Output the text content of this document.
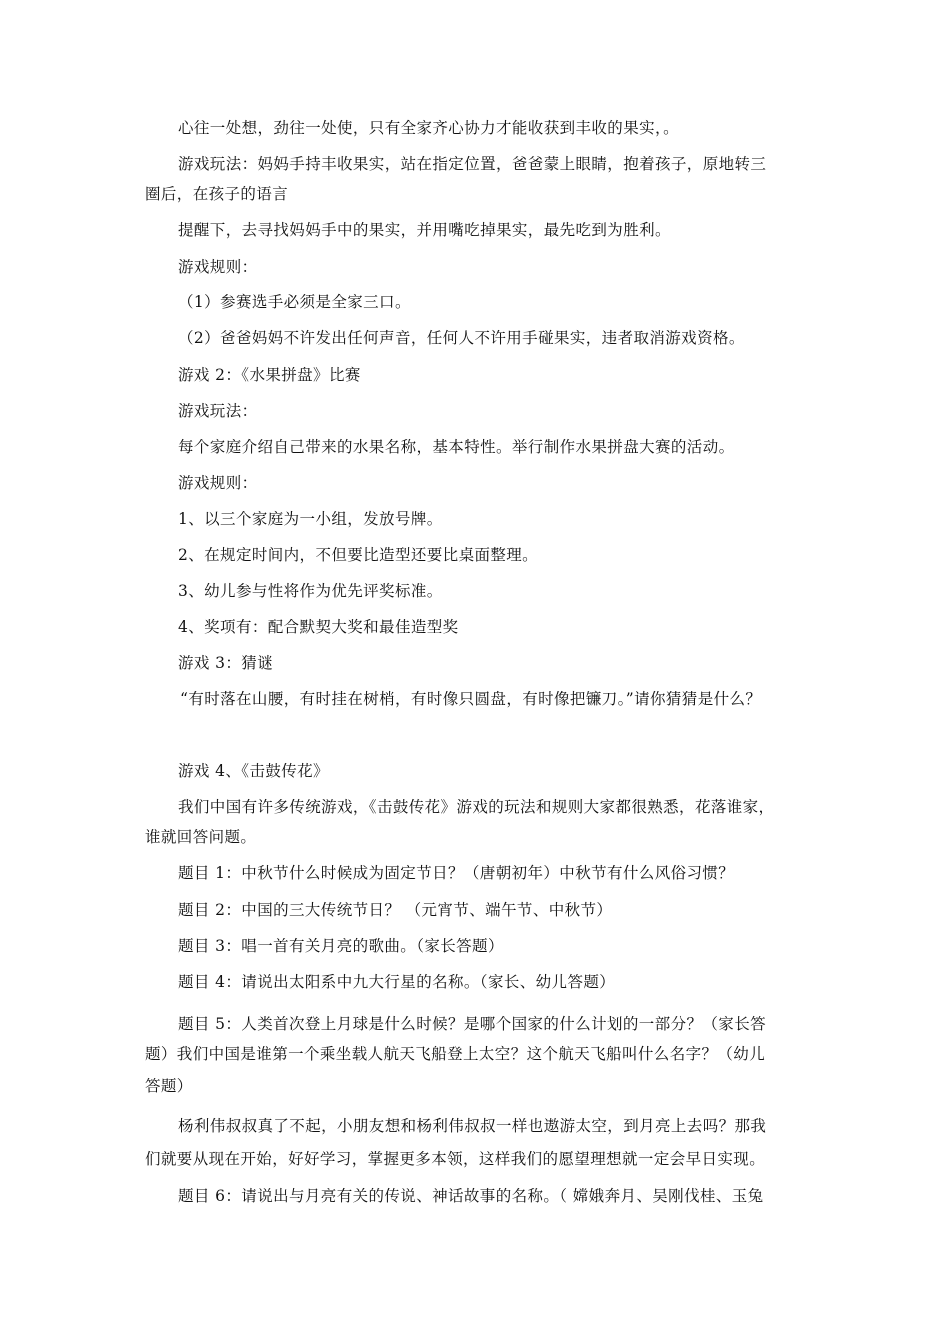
心往一处想，劲往一处使，只有全家齐心协力才能收获到丰收的果实，。
游戏玩法：妈妈手持丰收果实，站在指定位置，爸爸蒙上眼睛，抱着孩子，原地转三
圈后，在孩子的语言
提醒下，去寻找妈妈手中的果实，并用嘴吃掉果实，最先吃到为胜利。
游戏规则：
（1）参赛选手必须是全家三口。
（2）爸爸妈妈不许发出任何声音，任何人不许用手碰果实，违者取消游戏资格。
游戏 2：《水果拼盘》比赛
游戏玩法：
每个家庭介绍自己带来的水果名称，基本特性。举行制作水果拼盘大赛的活动。
游戏规则：
1、以三个家庭为一小组，发放号牌。
2、在规定时间内，不但要比造型还要比桌面整理。
3、幼儿参与性将作为优先评奖标准。
4、奖项有：配合默契大奖和最佳造型奖
游戏 3：猜谜
“有时落在山腰，有时挂在树梢，有时像只圆盘，有时像把镰刀。”请你猜猜是什么？
游戏 4、《击鼓传花》
我们中国有许多传统游戏，《击鼓传花》游戏的玩法和规则大家都很熟悉，花落谁家，
谁就回答问题。
题目 1：中秋节什么时候成为固定节日？（唐朝初年）中秋节有什么风俗习惯？
题目 2：中国的三大传统节日？ （元宵节、端午节、中秋节）
题目 3：唱一首有关月亮的歌曲。（家长答题）
题目 4：请说出太阳系中九大行星的名称。（家长、幼儿答题）
题目 5：人类首次登上月球是什么时候？是哪个国家的什么计划的一部分？（家长答
题）我们中国是谁第一个乘坐载人航天飞船登上太空？这个航天飞船叫什么名字？（幼儿
答题）
杨利伟叔叔真了不起，小朋友想和杨利伟叔叔一样也遨游太空，到月亮上去吗？那我
们就要从现在开始，好好学习，掌握更多本领，这样我们的愿望理想就一定会早日实现。
题目 6：请说出与月亮有关的传说、神话故事的名称。（ 嫦娥奔月、吴刚伐桂、玉兔
